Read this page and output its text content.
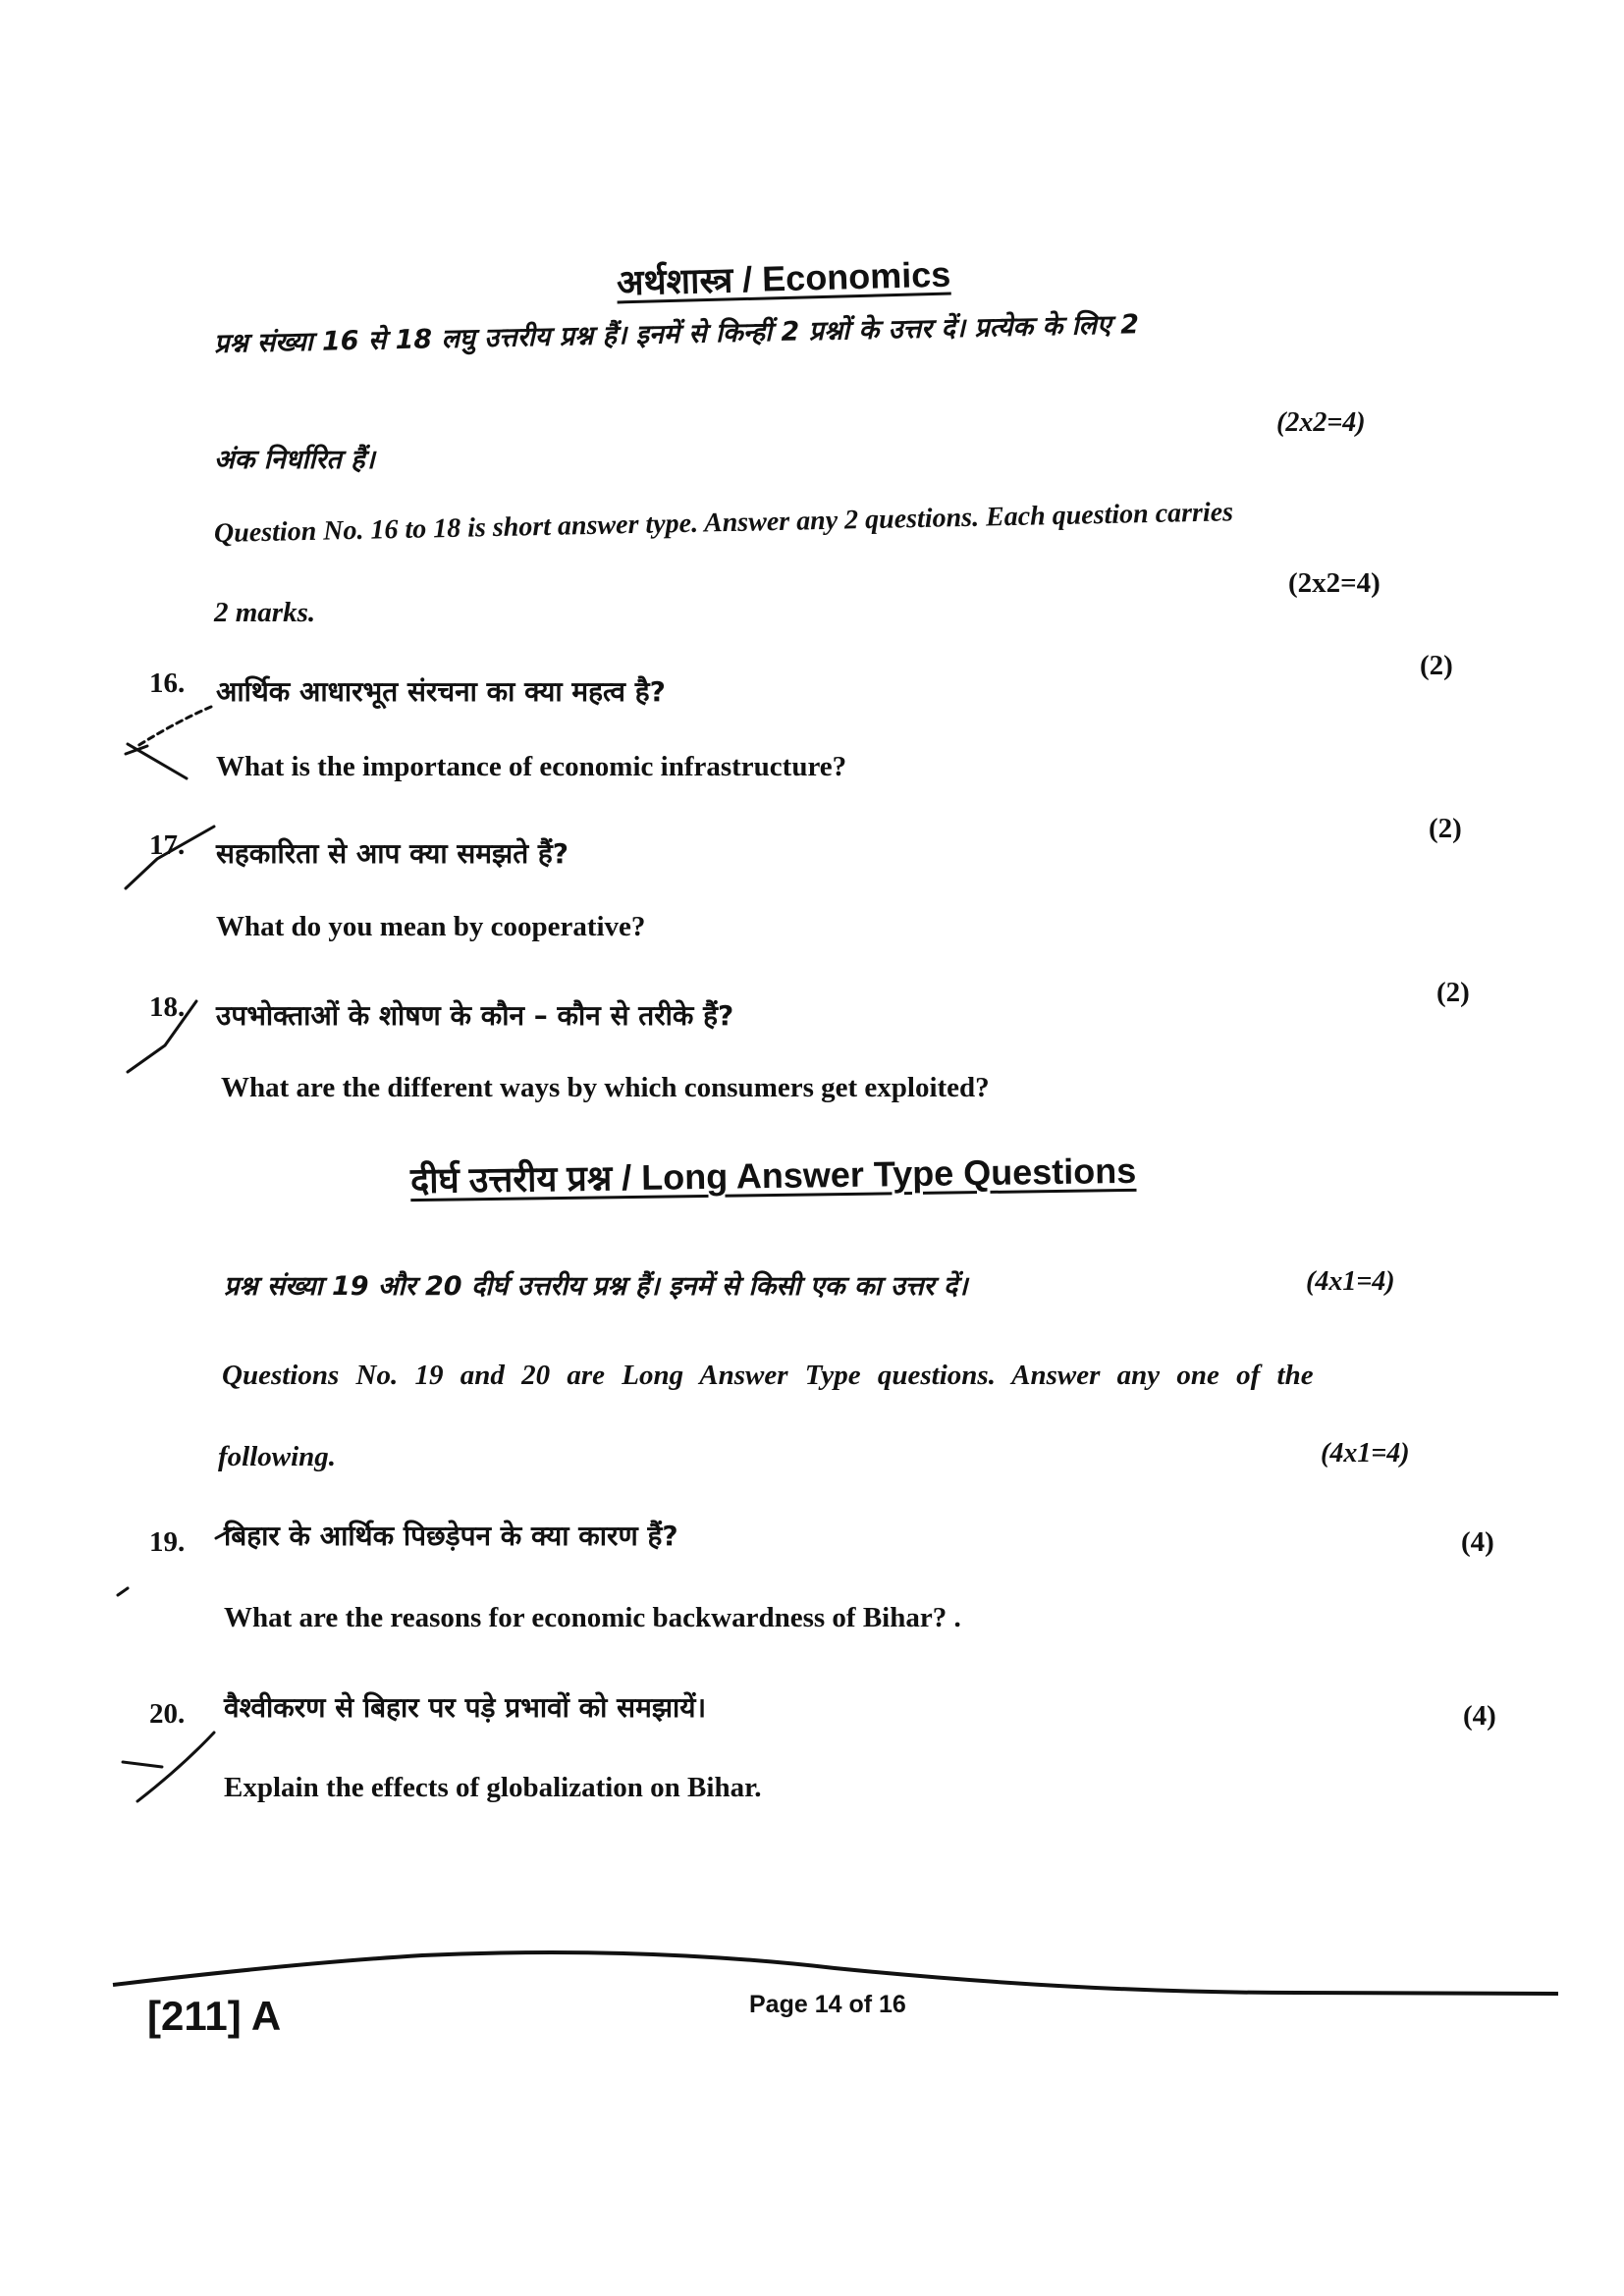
अर्थशास्त्र / Economics
प्रश्न संख्या 16 से 18 लघु उत्तरीय प्रश्न हैं। इनमें से किन्हीं 2 प्रश्नों के उत्तर दें। प्रत्येक के लिए 2
(2x2=4)
अंक निर्धारित हैं।
Question No. 16 to 18 is short answer type. Answer any 2 questions. Each question carries
(2x2=4)
2 marks.
16. आर्थिक आधारभूत संरचना का क्या महत्व है?
(2)
What is the importance of economic infrastructure?
17. सहकारिता से आप क्या समझते हैं?
(2)
What do you mean by cooperative?
18. उपभोक्ताओं के शोषण के कौन – कौन से तरीके हैं?
(2)
What are the different ways by which consumers get exploited?
दीर्घ उत्तरीय प्रश्न / Long Answer Type Questions
प्रश्न संख्या 19 और 20 दीर्घ उत्तरीय प्रश्न हैं। इनमें से किसी एक का उत्तर दें।	(4x1=4)
Questions No. 19 and 20 are Long Answer Type questions. Answer any one of the
following.	(4x1=4)
19. बिहार के आर्थिक पिछड़ेपन के क्या कारण हैं?	(4)
What are the reasons for economic backwardness of Bihar? .
20. वैश्वीकरण से बिहार पर पड़े प्रभावों को समझायें।	(4)
Explain the effects of globalization on Bihar.
[211] A	Page 14 of 16
